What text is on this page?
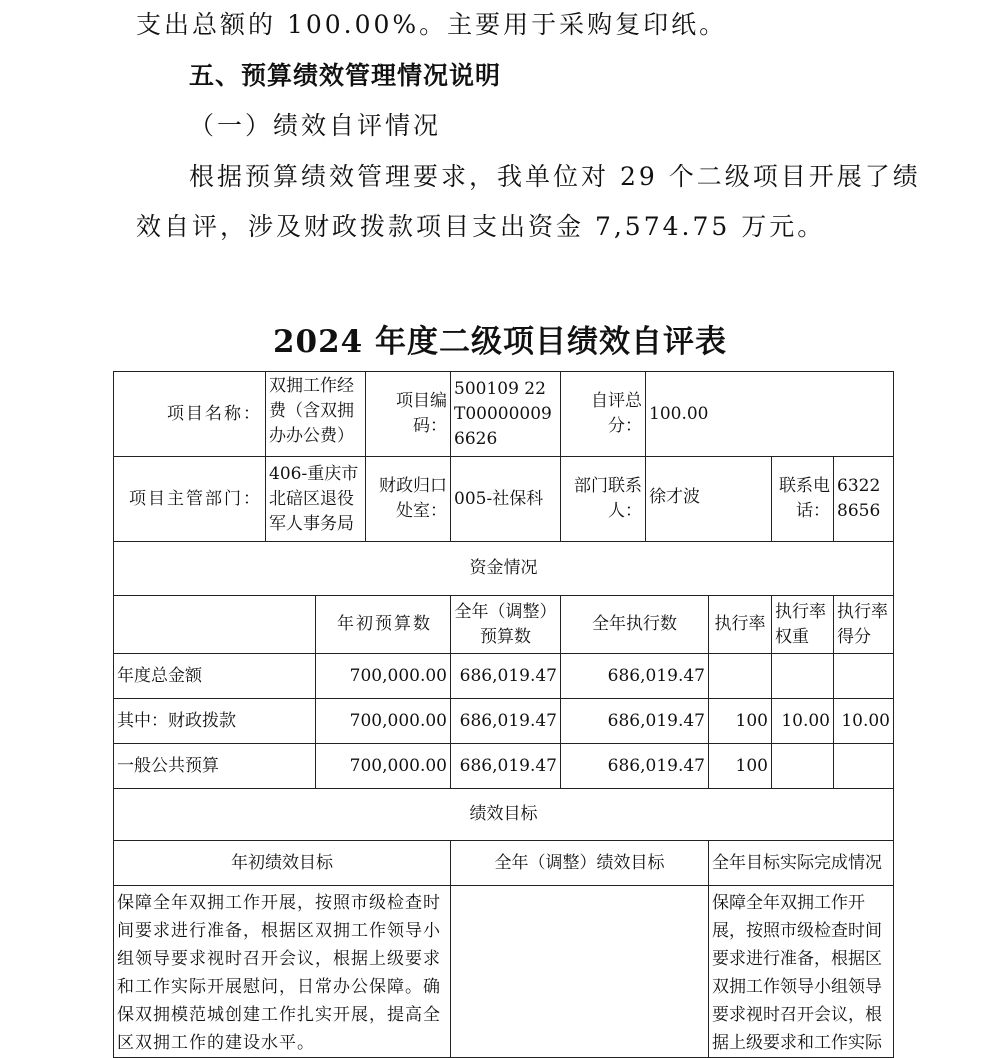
支出总额的 100.00%。主要用于采购复印纸。
五、预算绩效管理情况说明
（一）绩效自评情况
根据预算绩效管理要求，我单位对 29 个二级项目开展了绩
效自评，涉及财政拨款项目支出资金 7,574.75 万元。
2024 年度二级项目绩效自评表
项目名称：	双拥工作经费（含双拥办办公费）		项目编码：	500109 22T000000096626	自评总分：	100.00			
项目主管部门：	406-重庆市北碚区退役军人事务局		财政归口处室：	005-社保科	部门联系人：	徐才波		联系电话：	63228656
资金情况									
		年初预算数		全年（调整）预算数	全年执行数		执行率	执行率权重	执行率得分
年度总金额		700,000.00		686,019.47	686,019.47				
其中：财政拨款		700,000.00		686,019.47	686,019.47		100	10.00	10.00
一般公共预算		700,000.00		686,019.47	686,019.47		100		
绩效目标									
年初绩效目标				全年（调整）绩效目标			全年目标实际完成情况		
保障全年双拥工作开展，按照市级检查时间要求进行准备，根据区双拥工作领导小组领导要求视时召开会议，根据上级要求和工作实际开展慰问，日常办公保障。确保双拥模范城创建工作扎实开展，提高全区双拥工作的建设水平。							保障全年双拥工作开展，按照市级检查时间要求进行准备，根据区双拥工作领导小组领导要求视时召开会议，根据上级要求和工作实际		
